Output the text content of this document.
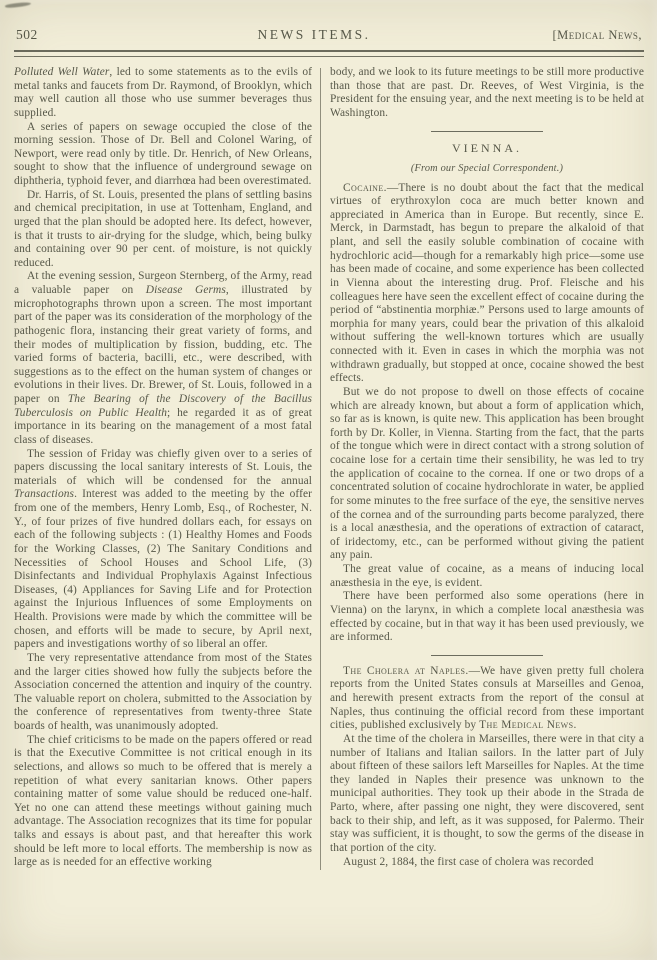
502	NEWS ITEMS.	[Medical News,

Polluted Well Water, led to some statements as to the evils of metal tanks and faucets from Dr. Raymond, of Brooklyn, which may well caution all those who use summer beverages thus supplied.

A series of papers on sewage occupied the close of the morning session. Those of Dr. Bell and Colonel Waring, of Newport, were read only by title. Dr. Henrich, of New Orleans, sought to show that the influence of underground sewage on diphtheria, typhoid fever, and diarrhœa had been overestimated.

Dr. Harris, of St. Louis, presented the plans of settling basins and chemical precipitation, in use at Tottenham, England, and urged that the plan should be adopted here. Its defect, however, is that it trusts to air-drying for the sludge, which, being bulky and containing over 90 per cent. of moisture, is not quickly reduced.

At the evening session, Surgeon Sternberg, of the Army, read a valuable paper on Disease Germs, illustrated by microphotographs thrown upon a screen. The most important part of the paper was its consideration of the morphology of the pathogenic flora, instancing their great variety of forms, and their modes of multiplication by fission, budding, etc. The varied forms of bacteria, bacilli, etc., were described, with suggestions as to the effect on the human system of changes or evolutions in their lives. Dr. Brewer, of St. Louis, followed in a paper on The Bearing of the Discovery of the Bacillus Tuberculosis on Public Health; he regarded it as of great importance in its bearing on the management of a most fatal class of diseases.

The session of Friday was chiefly given over to a series of papers discussing the local sanitary interests of St. Louis, the materials of which will be condensed for the annual Transactions. Interest was added to the meeting by the offer from one of the members, Henry Lomb, Esq., of Rochester, N. Y., of four prizes of five hundred dollars each, for essays on each of the following subjects : (1) Healthy Homes and Foods for the Working Classes, (2) The Sanitary Conditions and Necessities of School Houses and School Life, (3) Disinfectants and Individual Prophylaxis Against Infectious Diseases, (4) Appliances for Saving Life and for Protection against the Injurious Influences of some Employments on Health. Provisions were made by which the committee will be chosen, and efforts will be made to secure, by April next, papers and investigations worthy of so liberal an offer.

The very representative attendance from most of the States and the larger cities showed how fully the subjects before the Association concerned the attention and inquiry of the country. The valuable report on cholera, submitted to the Association by the conference of representatives from twenty-three State boards of health, was unanimously adopted.

The chief criticisms to be made on the papers offered or read is that the Executive Committee is not critical enough in its selections, and allows so much to be offered that is merely a repetition of what every sanitarian knows. Other papers containing matter of some value should be reduced one-half. Yet no one can attend these meetings without gaining much advantage. The Association recognizes that its time for popular talks and essays is about past, and that hereafter this work should be left more to local efforts. The membership is now as large as is needed for an effective working

body, and we look to its future meetings to be still more productive than those that are past. Dr. Reeves, of West Virginia, is the President for the ensuing year, and the next meeting is to be held at Washington.

VIENNA.
(From our Special Correspondent.)

Cocaine.—There is no doubt about the fact that the medical virtues of erythroxylon coca are much better known and appreciated in America than in Europe. But recently, since E. Merck, in Darmstadt, has begun to prepare the alkaloid of that plant, and sell the easily soluble combination of cocaine with hydrochloric acid—though for a remarkably high price—some use has been made of cocaine, and some experience has been collected in Vienna about the interesting drug. Prof. Fleische and his colleagues here have seen the excellent effect of cocaine during the period of “abstinentia morphiæ.” Persons used to large amounts of morphia for many years, could bear the privation of this alkaloid without suffering the well-known tortures which are usually connected with it. Even in cases in which the morphia was not withdrawn gradually, but stopped at once, cocaine showed the best effects.

But we do not propose to dwell on those effects of cocaine which are already known, but about a form of application which, so far as is known, is quite new. This application has been brought forth by Dr. Koller, in Vienna. Starting from the fact, that the parts of the tongue which were in direct contact with a strong solution of cocaine lose for a certain time their sensibility, he was led to try the application of cocaine to the cornea. If one or two drops of a concentrated solution of cocaine hydrochlorate in water, be applied for some minutes to the free surface of the eye, the sensitive nerves of the cornea and of the surrounding parts become paralyzed, there is a local anæsthesia, and the operations of extraction of cataract, of iridectomy, etc., can be performed without giving the patient any pain.

The great value of cocaine, as a means of inducing local anæsthesia in the eye, is evident.

There have been performed also some operations (here in Vienna) on the larynx, in which a complete local anæsthesia was effected by cocaine, but in that way it has been used previously, we are informed.

The Cholera at Naples.—We have given pretty full cholera reports from the United States consuls at Marseilles and Genoa, and herewith present extracts from the report of the consul at Naples, thus continuing the official record from these important cities, published exclusively by The Medical News.

At the time of the cholera in Marseilles, there were in that city a number of Italians and Italian sailors. In the latter part of July about fifteen of these sailors left Marseilles for Naples. At the time they landed in Naples their presence was unknown to the municipal authorities. They took up their abode in the Strada de Parto, where, after passing one night, they were discovered, sent back to their ship, and left, as it was supposed, for Palermo. Their stay was sufficient, it is thought, to sow the germs of the disease in that portion of the city.

August 2, 1884, the first case of cholera was recorded
